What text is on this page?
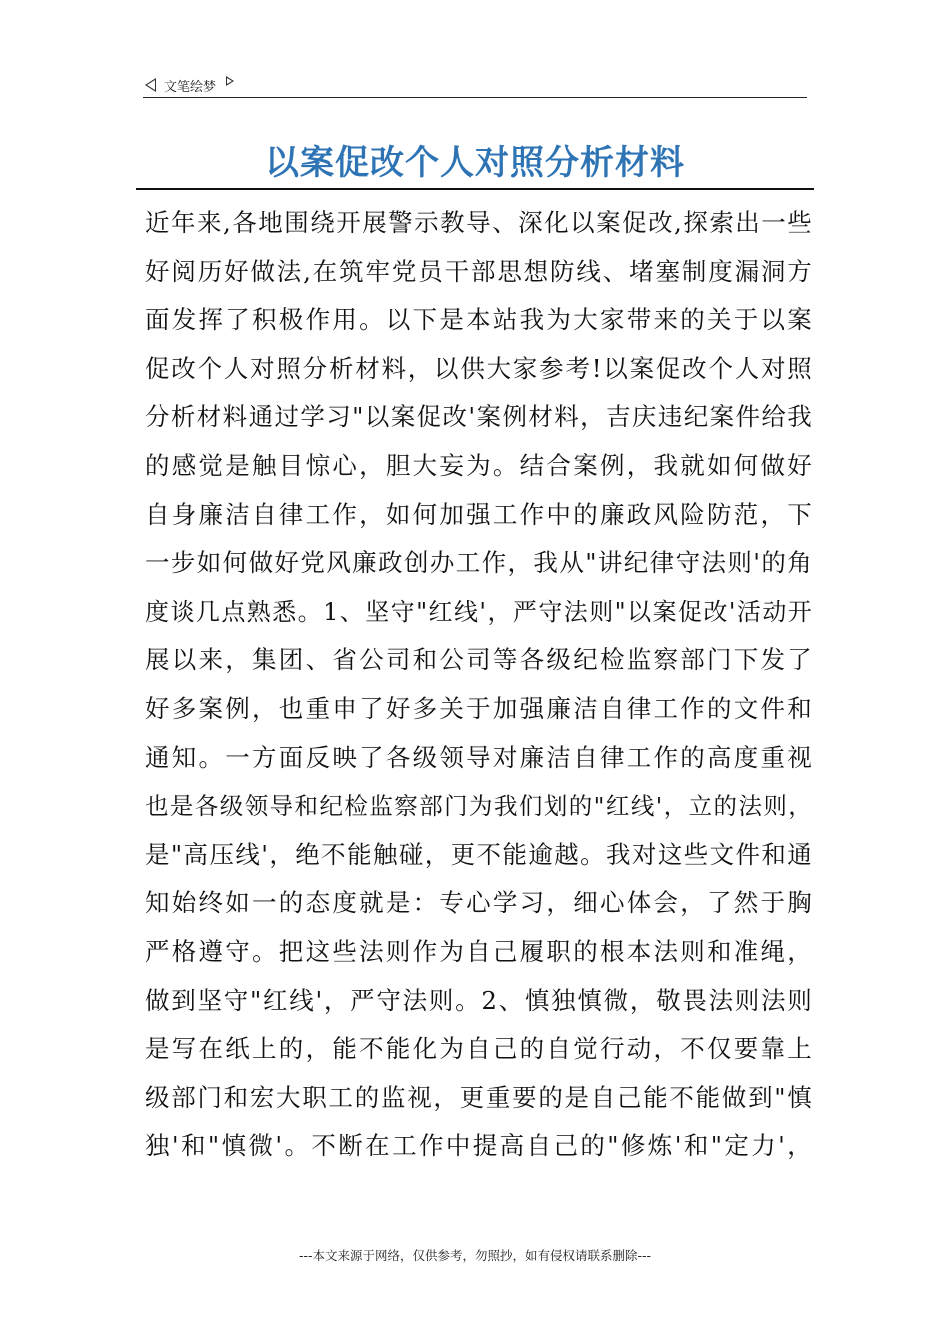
文笔绘梦
以案促改个人对照分析材料
近年来,各地围绕开展警示教导、深化以案促改,探索出一些
好阅历好做法,在筑牢党员干部思想防线、堵塞制度漏洞方
面发挥了积极作用。以下是本站我为大家带来的关于以案
促改个人对照分析材料，以供大家参考!以案促改个人对照
分析材料通过学习"以案促改'案例材料，吉庆违纪案件给我
的感觉是触目惊心，胆大妄为。结合案例，我就如何做好
自身廉洁自律工作，如何加强工作中的廉政风险防范，下
一步如何做好党风廉政创办工作，我从"讲纪律守法则'的角
度谈几点熟悉。1、坚守"红线'，严守法则"以案促改'活动开
展以来，集团、省公司和公司等各级纪检监察部门下发了
好多案例，也重申了好多关于加强廉洁自律工作的文件和
通知。一方面反映了各级领导对廉洁自律工作的高度重视
也是各级领导和纪检监察部门为我们划的"红线'，立的法则，
是"高压线'，绝不能触碰，更不能逾越。我对这些文件和通
知始终如一的态度就是：专心学习，细心体会，了然于胸
严格遵守。把这些法则作为自己履职的根本法则和准绳，
做到坚守"红线'，严守法则。2、慎独慎微，敬畏法则法则
是写在纸上的，能不能化为自己的自觉行动，不仅要靠上
级部门和宏大职工的监视，更重要的是自己能不能做到"慎
独'和"慎微'。不断在工作中提高自己的"修炼'和"定力'，
---本文来源于网络，仅供参考，勿照抄，如有侵权请联系删除---
